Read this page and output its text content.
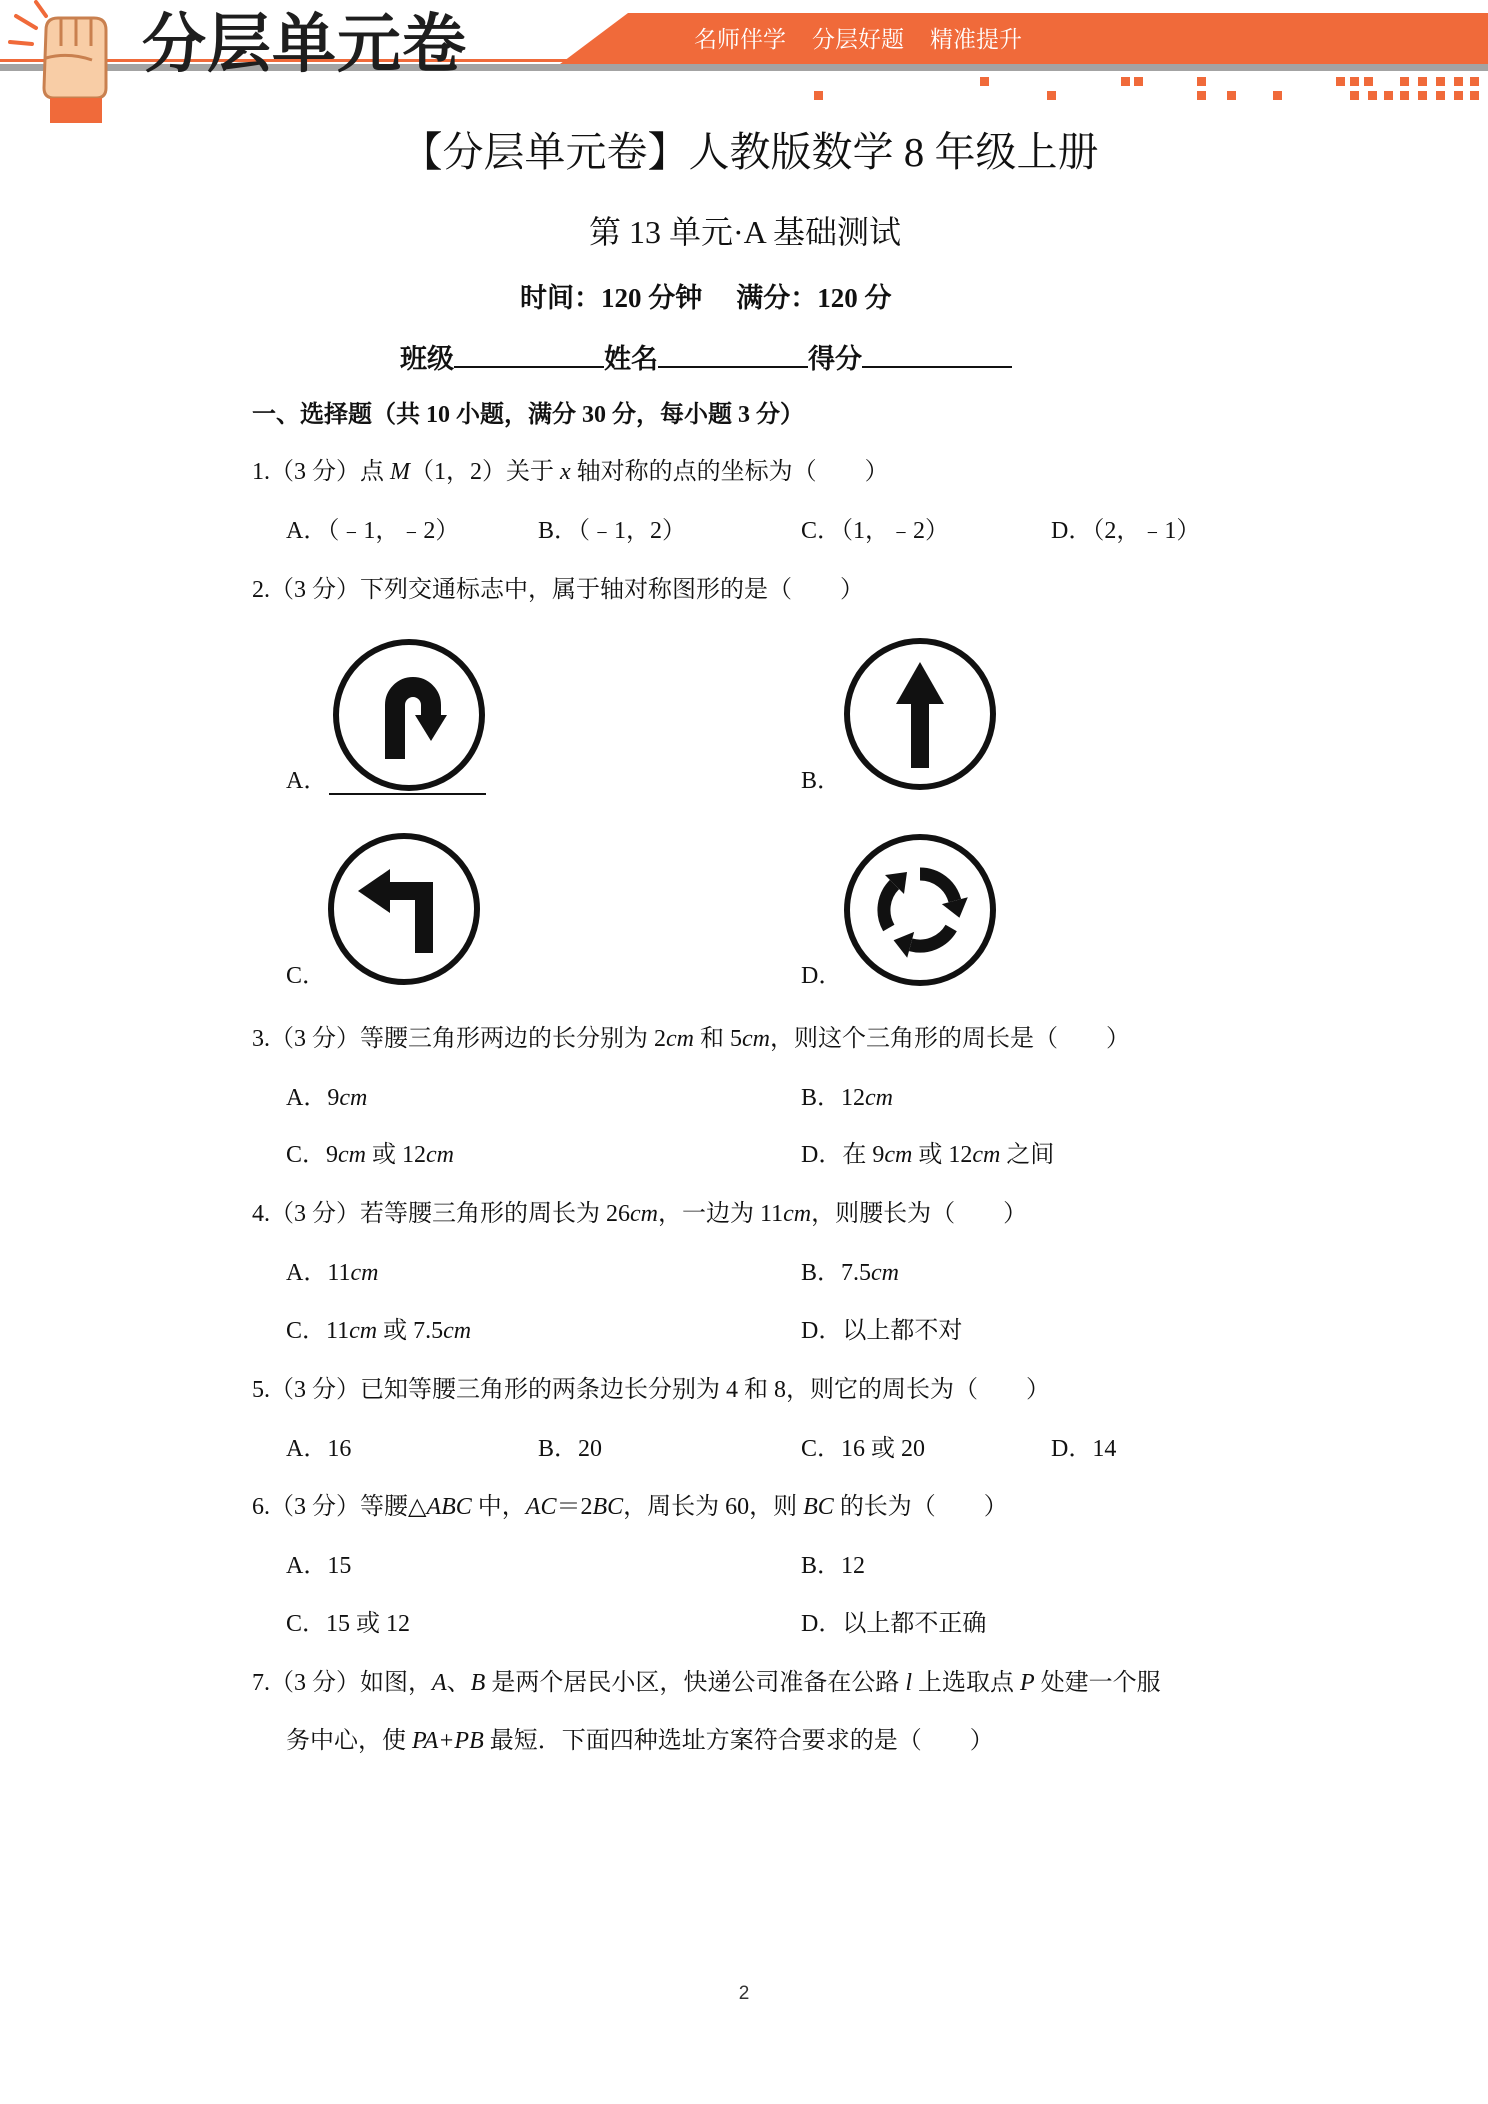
分层单元卷	名师伴学 分层好题 精准提升
【分层单元卷】人教版数学 8 年级上册
第 13 单元·A 基础测试
时间：120 分钟 满分：120 分
班级	姓名	得分
一、选择题（共 10 小题，满分 30 分，每小题 3 分）
1.（3 分）点 M（1，2）关于 x 轴对称的点的坐标为（　　）
A．（﹣1，﹣2）	B．（﹣1，2）	C．（1，﹣2）	D．（2，﹣1）
2.（3 分）下列交通标志中，属于轴对称图形的是（　　）
A．	B．
C．	D．
3.（3 分）等腰三角形两边的长分别为 2cm 和 5cm，则这个三角形的周长是（　　）
A．9cm	B．12cm
C．9cm 或 12cm	D．在 9cm 或 12cm 之间
4.（3 分）若等腰三角形的周长为 26cm，一边为 11cm，则腰长为（　　）
A．11cm	B．7.5cm
C．11cm 或 7.5cm	D．以上都不对
5.（3 分）已知等腰三角形的两条边长分别为 4 和 8，则它的周长为（　　）
A．16	B．20	C．16 或 20	D．14
6.（3 分）等腰△ABC 中，AC＝2BC，周长为 60，则 BC 的长为（　　）
A．15	B．12
C．15 或 12	D．以上都不正确
7.（3 分）如图，A、B 是两个居民小区，快递公司准备在公路 l 上选取点 P 处建一个服
务中心，使 PA+PB 最短．下面四种选址方案符合要求的是（　　）
2
